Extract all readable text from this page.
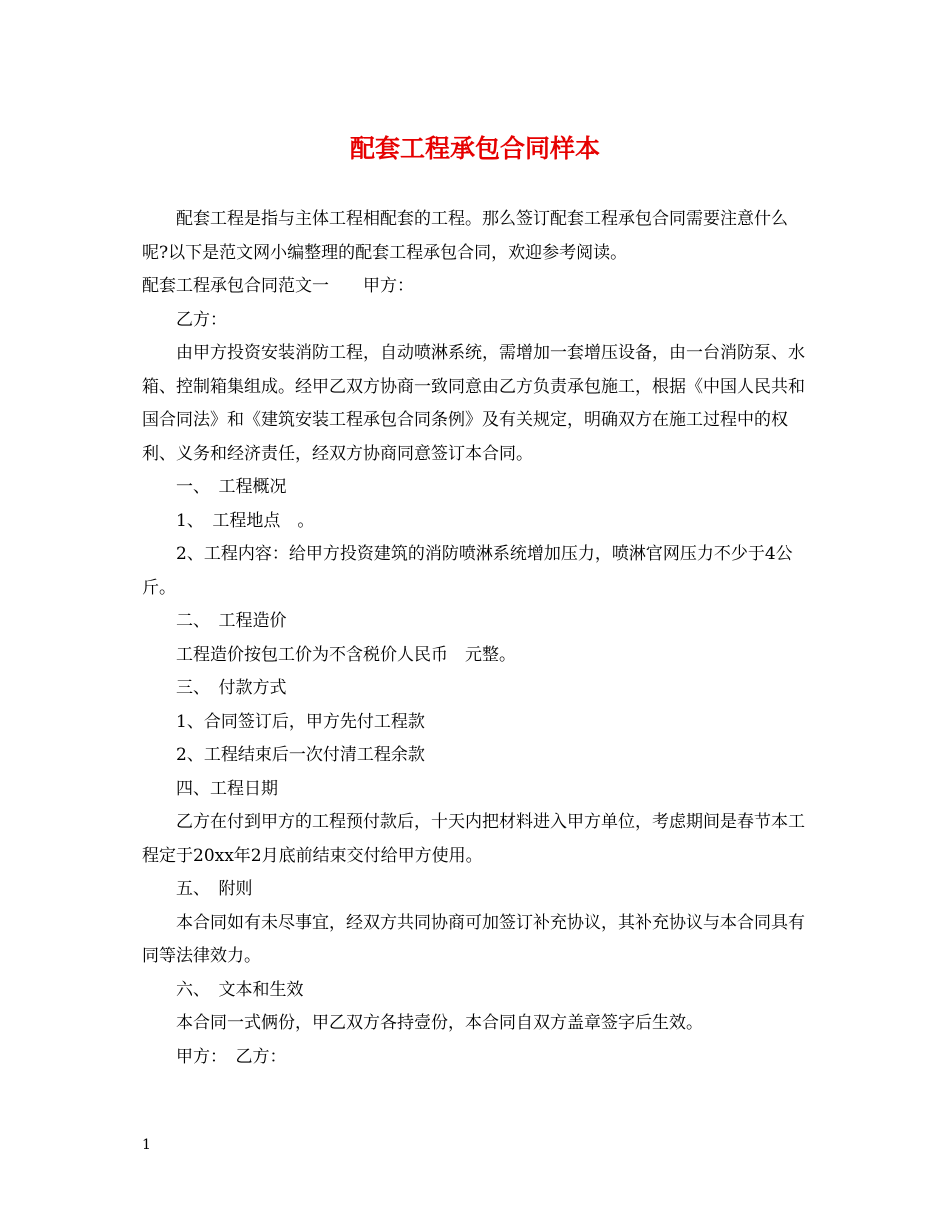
配套工程承包合同样本

配套工程是指与主体工程相配套的工程。那么签订配套工程承包合同需要注意什么呢?以下是范文网小编整理的配套工程承包合同，欢迎参考阅读。

配套工程承包合同范文一　　甲方：

乙方：

由甲方投资安装消防工程，自动喷淋系统，需增加一套增压设备，由一台消防泵、水箱、控制箱集组成。经甲乙双方协商一致同意由乙方负责承包施工，根据《中国人民共和国合同法》和《建筑安装工程承包合同条例》及有关规定，明确双方在施工过程中的权利、义务和经济责任，经双方协商同意签订本合同。

一、　工程概况

1、　工程地点　。

2、工程内容：给甲方投资建筑的消防喷淋系统增加压力，喷淋官网压力不少于4公斤。

二、　工程造价

工程造价按包工价为不含税价人民币　元整。

三、　付款方式

1、合同签订后，甲方先付工程款

2、工程结束后一次付清工程余款

四、工程日期

乙方在付到甲方的工程预付款后，十天内把材料进入甲方单位，考虑期间是春节本工程定于20xx年2月底前结束交付给甲方使用。

五、　附则

本合同如有未尽事宜，经双方共同协商可加签订补充协议，其补充协议与本合同具有同等法律效力。

六、　文本和生效

本合同一式俩份，甲乙双方各持壹份，本合同自双方盖章签字后生效。

甲方：　乙方：

1
